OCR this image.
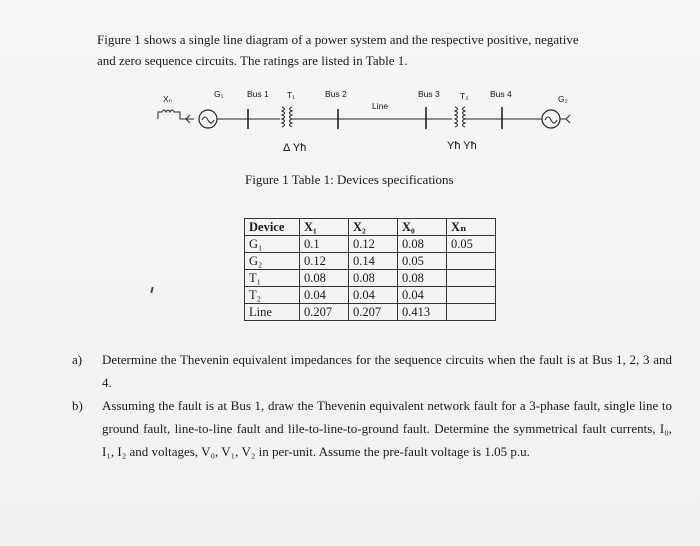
Figure 1 shows a single line diagram of a power system and the respective positive, negative
and zero sequence circuits. The ratings are listed in Table 1.
Xₙ	G₁	Bus 1 T₁	Bus 2
Line
Bus 3 T₂	Bus 4	G₂
Δ Yħ	Yħ Yħ
Figure 1 Table 1: Devices specifications
Device	X₁	X₂	X₀	Xₙ
G₁	0.1	0.12	0.08	0.05
G₂	0.12	0.14	0.05	
T₁	0.08	0.08	0.08	
T₂	0.04	0.04	0.04	
Line	0.207	0.207	0.413	
a)	Determine the Thevenin equivalent impedances for the sequence circuits when the fault is at Bus 1, 2, 3 and 4.
b)	Assuming the fault is at Bus 1, draw the Thevenin equivalent network fault for a 3-phase fault, single line to ground fault, line-to-line fault and lile-to-line-to-ground fault. Determine the symmetrical fault currents, I₀, I₁, I₂ and voltages, V₀, V₁, V₂ in per-unit. Assume the pre-fault voltage is 1.05 p.u.
